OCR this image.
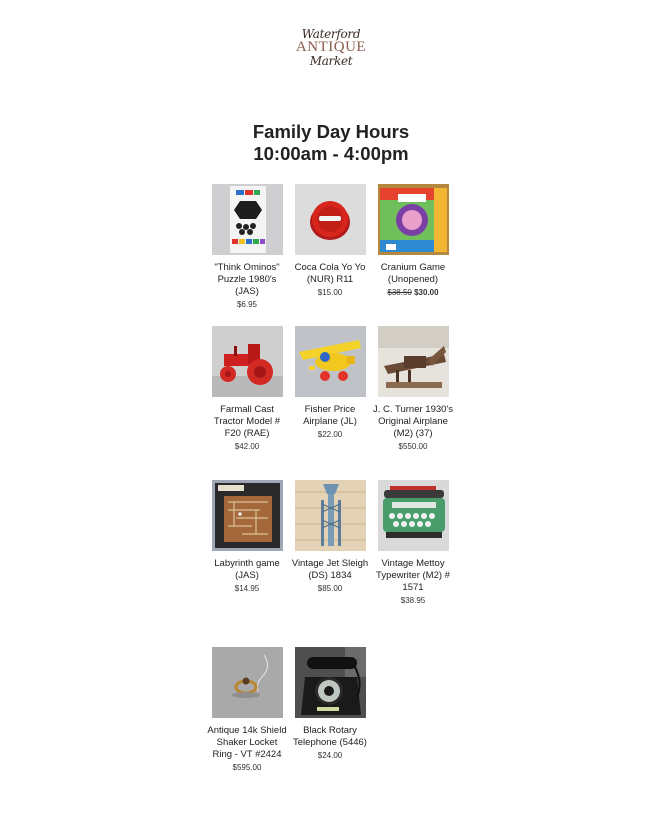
Waterford
ANTIQUE
Market
Family Day Hours
10:00am - 4:00pm
"Think Ominos" Puzzle 1980's (JAS)
$6.95
Coca Cola Yo Yo (NUR) R11
$15.00
Cranium Game (Unopened)
$38.50 $30.00
Farmall Cast Tractor Model # F20 (RAE)
$42.00
Fisher Price Airplane (JL)
$22.00
J. C. Turner 1930's Original Airplane (M2) (37)
$550.00
Labyrinth game (JAS)
$14.95
Vintage Jet Sleigh (DS) 1834
$85.00
Vintage Mettoy Typewriter (M2) # 1571
$38.95
Antique 14k Shield Shaker Locket Ring - VT #2424
$595.00
Black Rotary Telephone (5446)
$24.00
